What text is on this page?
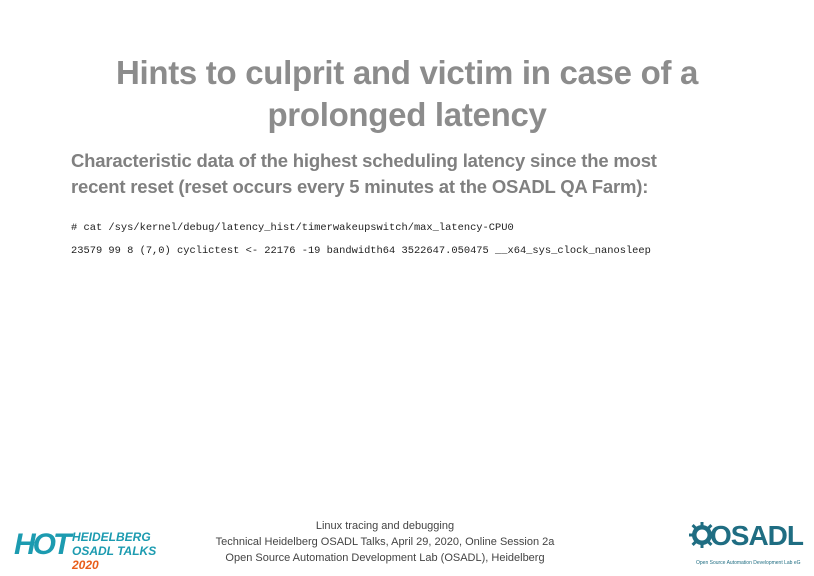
Hints to culprit and victim in case of a prolonged latency
Characteristic data of the highest scheduling latency since the most recent reset (reset occurs every 5 minutes at the OSADL QA Farm):
# cat /sys/kernel/debug/latency_hist/timerwakeupswitch/max_latency-CPU0
23579 99 8 (7,0) cyclictest <- 22176 -19 bandwidth64 3522647.050475 __x64_sys_clock_nanosleep
HOT HEIDELBERG
OSADL TALKS 2020
Linux tracing and debugging
Technical Heidelberg OSADL Talks, April 29, 2020, Online Session 2a
Open Source Automation Development Lab (OSADL), Heidelberg
OSADL
Open Source Automation Development Lab eG
